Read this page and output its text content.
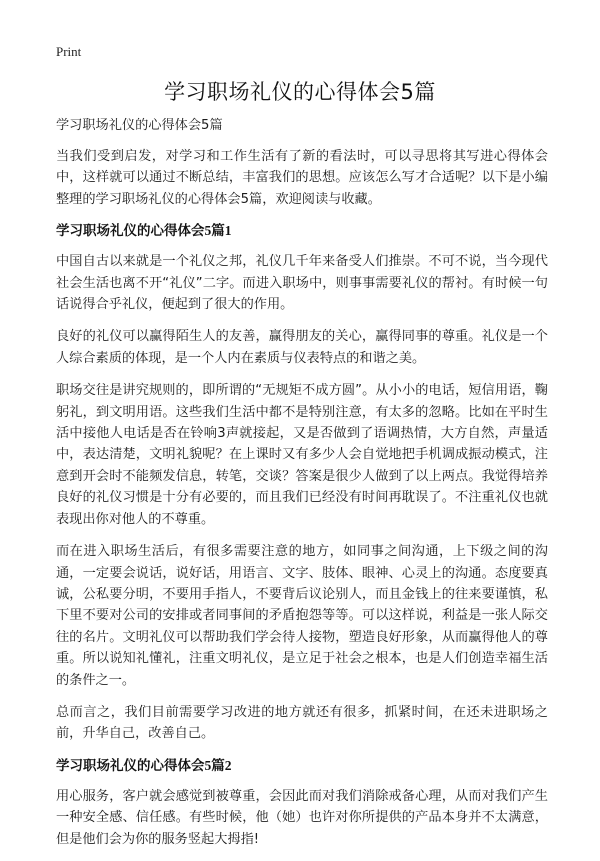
Print
学习职场礼仪的心得体会5篇

学习职场礼仪的心得体会5篇

当我们受到启发，对学习和工作生活有了新的看法时，可以寻思将其写进心得体会中，这样就可以通过不断总结，丰富我们的思想。应该怎么写才合适呢？以下是小编整理的学习职场礼仪的心得体会5篇，欢迎阅读与收藏。

学习职场礼仪的心得体会5篇1

中国自古以来就是一个礼仪之邦，礼仪几千年来备受人们推崇。不可不说，当今现代社会生活也离不开“礼仪”二字。而进入职场中，则事事需要礼仪的帮衬。有时候一句话说得合乎礼仪，便起到了很大的作用。

良好的礼仪可以赢得陌生人的友善，赢得朋友的关心，赢得同事的尊重。礼仪是一个人综合素质的体现，是一个人内在素质与仪表特点的和谐之美。

职场交往是讲究规则的，即所谓的“无规矩不成方圆”。从小小的电话，短信用语，鞠躬礼，到文明用语。这些我们生活中都不是特别注意，有太多的忽略。比如在平时生活中接他人电话是否在铃响3声就接起，又是否做到了语调热情，大方自然，声量适中，表达清楚，文明礼貌呢？在上课时又有多少人会自觉地把手机调成振动模式，注意到开会时不能频发信息，转笔，交谈？答案是很少人做到了以上两点。我觉得培养良好的礼仪习惯是十分有必要的，而且我们已经没有时间再耽误了。不注重礼仪也就表现出你对他人的不尊重。

而在进入职场生活后，有很多需要注意的地方，如同事之间沟通，上下级之间的沟通，一定要会说话，说好话，用语言、文字、肢体、眼神、心灵上的沟通。态度要真诚，公私要分明，不要用手指人，不要背后议论别人，而且金钱上的往来要谨慎，私下里不要对公司的安排或者同事间的矛盾抱怨等等。可以这样说，利益是一张人际交往的名片。文明礼仪可以帮助我们学会待人接物，塑造良好形象，从而赢得他人的尊重。所以说知礼懂礼，注重文明礼仪，是立足于社会之根本，也是人们创造幸福生活的条件之一。

总而言之，我们目前需要学习改进的地方就还有很多，抓紧时间，在还未进职场之前，升华自己，改善自己。

学习职场礼仪的心得体会5篇2

用心服务，客户就会感觉到被尊重，会因此而对我们消除戒备心理，从而对我们产生一种安全感、信任感。有些时候，他（她）也许对你所提供的产品本身并不太满意，但是他们会为你的服务竖起大拇指!
